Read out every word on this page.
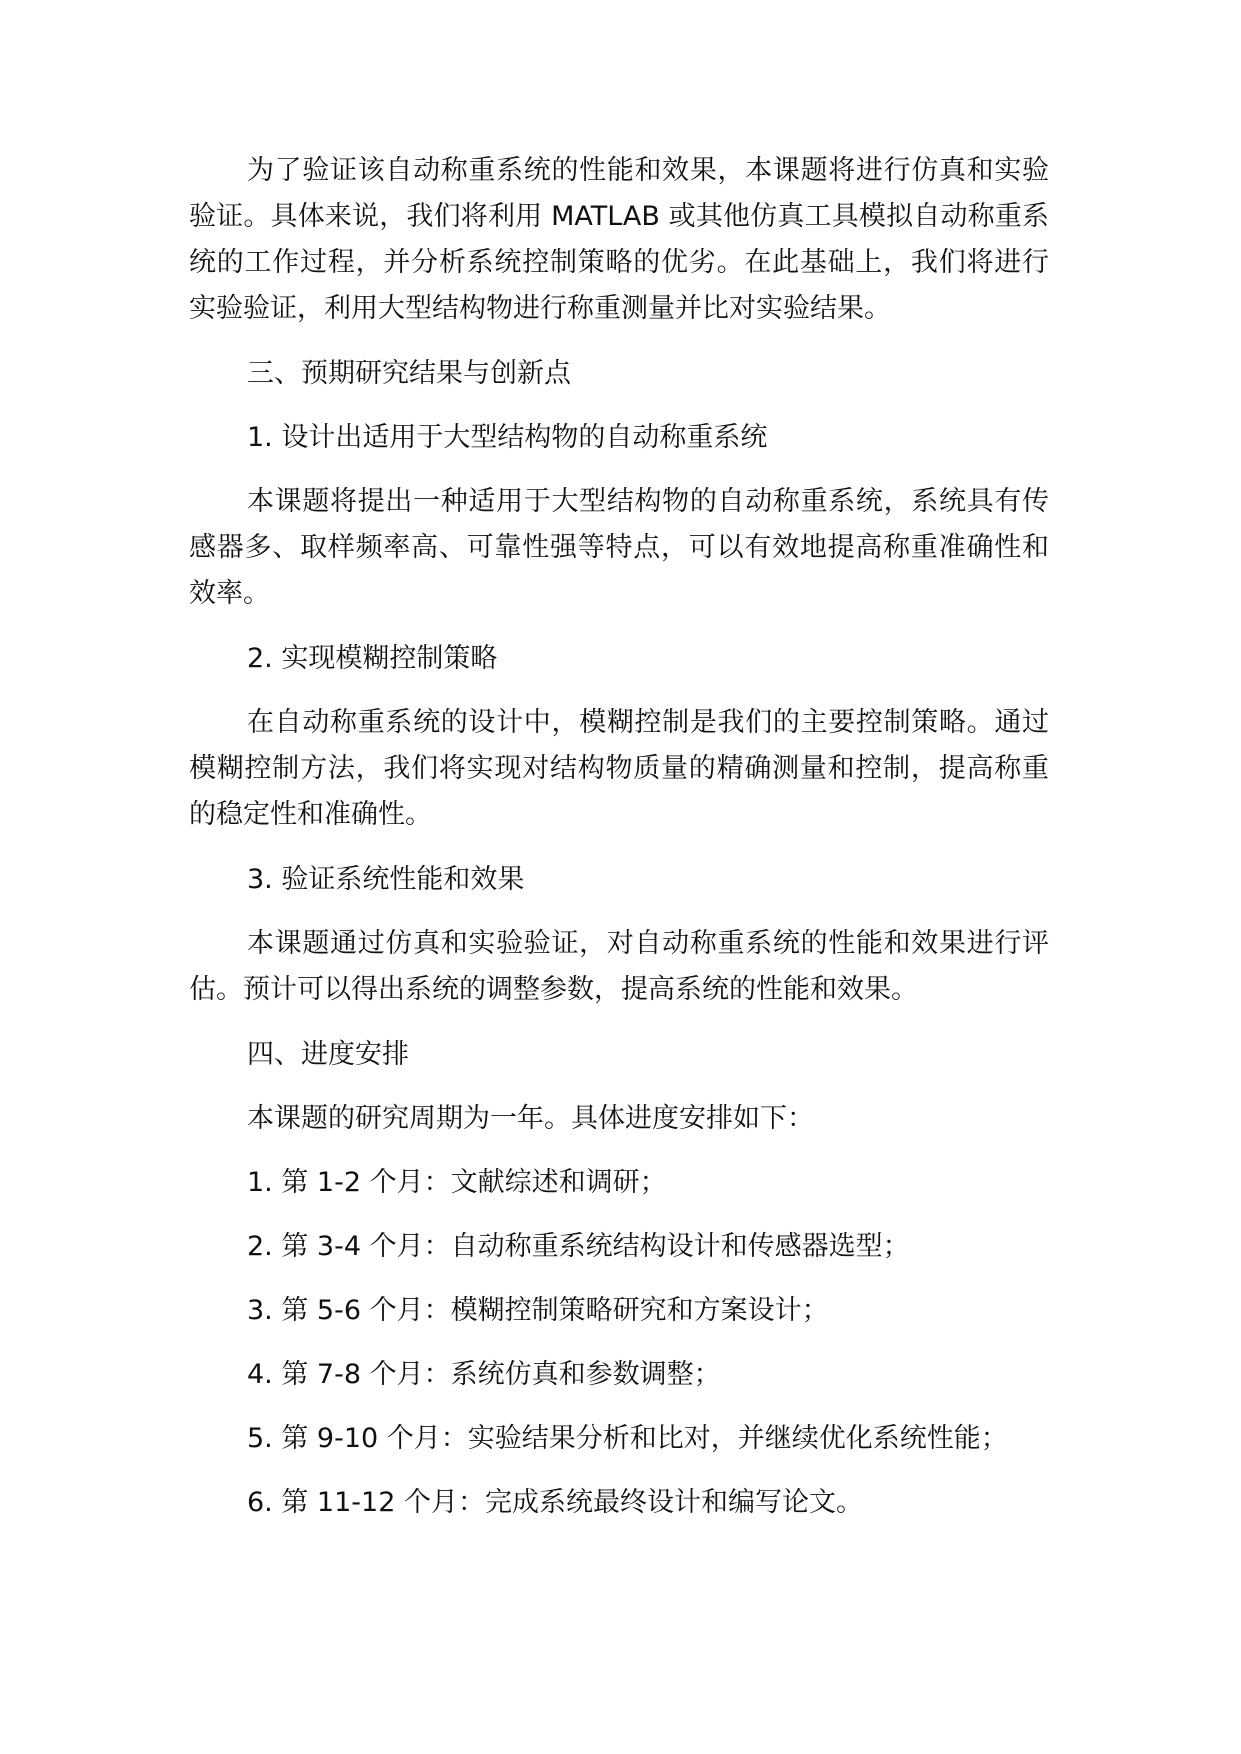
为了验证该自动称重系统的性能和效果，本课题将进行仿真和实验验证。具体来说，我们将利用 MATLAB 或其他仿真工具模拟自动称重系统的工作过程，并分析系统控制策略的优劣。在此基础上，我们将进行实验验证，利用大型结构物进行称重测量并比对实验结果。

三、预期研究结果与创新点

1. 设计出适用于大型结构物的自动称重系统

本课题将提出一种适用于大型结构物的自动称重系统，系统具有传感器多、取样频率高、可靠性强等特点，可以有效地提高称重准确性和效率。

2. 实现模糊控制策略

在自动称重系统的设计中，模糊控制是我们的主要控制策略。通过模糊控制方法，我们将实现对结构物质量的精确测量和控制，提高称重的稳定性和准确性。

3. 验证系统性能和效果

本课题通过仿真和实验验证，对自动称重系统的性能和效果进行评估。预计可以得出系统的调整参数，提高系统的性能和效果。

四、进度安排

本课题的研究周期为一年。具体进度安排如下：

1. 第 1-2 个月：文献综述和调研；

2. 第 3-4 个月：自动称重系统结构设计和传感器选型；

3. 第 5-6 个月：模糊控制策略研究和方案设计；

4. 第 7-8 个月：系统仿真和参数调整；

5. 第 9-10 个月：实验结果分析和比对，并继续优化系统性能；

6. 第 11-12 个月：完成系统最终设计和编写论文。
